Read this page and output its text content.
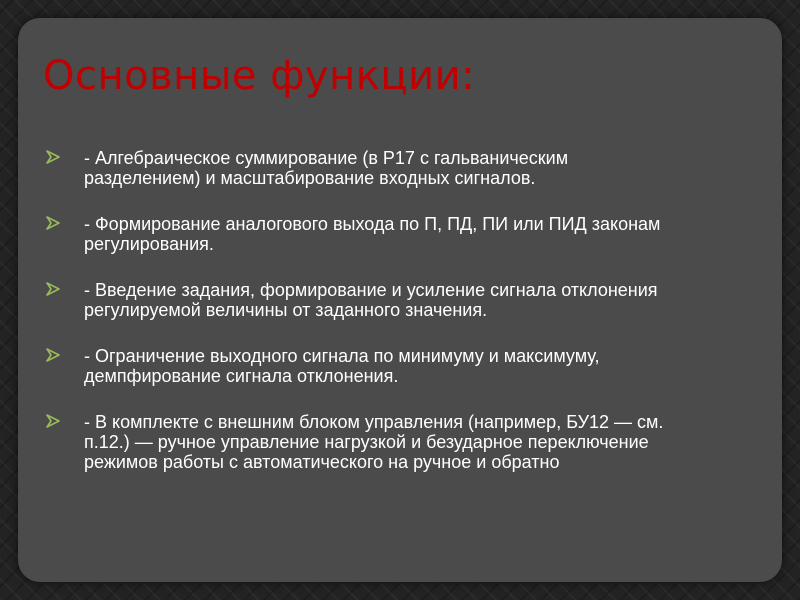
Основные функции:
- Алгебраическое суммирование (в Р17 с гальваническим разделением) и масштабирование входных сигналов.
- Формирование аналогового выхода по П, ПД, ПИ или ПИД законам регулирования.
- Введение задания, формирование и усиление сигнала отклонения регулируемой величины от заданного значения.
- Ограничение выходного сигнала по минимуму и максимуму, демпфирование сигнала отклонения.
- В комплекте с внешним блоком управления (например, БУ12 — см. п.12.) — ручное управление нагрузкой и безударное переключение режимов работы с автоматического на ручное и обратно
